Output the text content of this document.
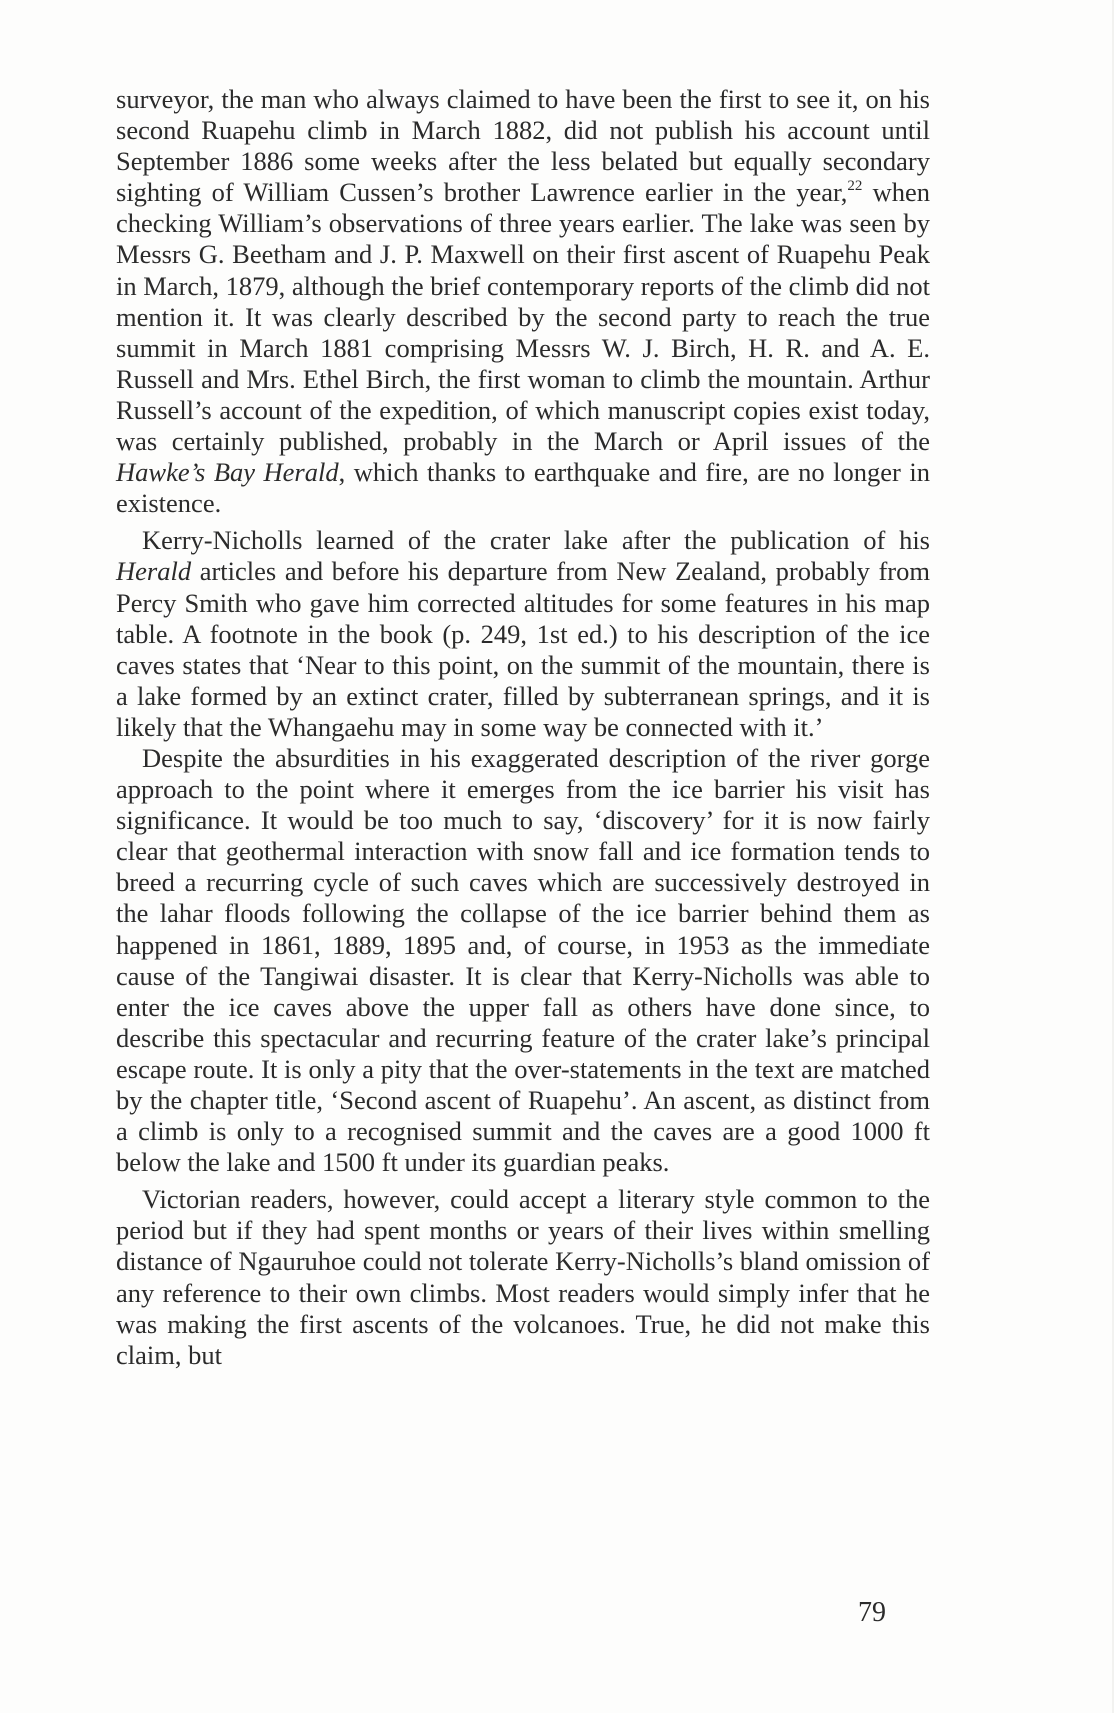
surveyor, the man who always claimed to have been the first to see it, on his second Ruapehu climb in March 1882, did not publish his account until September 1886 some weeks after the less belated but equally secondary sighting of William Cussen’s brother Lawrence earlier in the year,$^{22}$ when checking William’s observations of three years earlier. The lake was seen by Messrs G. Beetham and J. P. Maxwell on their first ascent of Ruapehu Peak in March, 1879, although the brief contemporary reports of the climb did not mention it. It was clearly described by the second party to reach the true summit in March 1881 comprising Messrs W. J. Birch, H. R. and A. E. Russell and Mrs. Ethel Birch, the first woman to climb the mountain. Arthur Russell’s account of the expedition, of which manuscript copies exist today, was certainly published, probably in the March or April issues of the Hawke’s Bay Herald, which thanks to earthquake and fire, are no longer in existence.

Kerry-Nicholls learned of the crater lake after the publication of his Herald articles and before his departure from New Zealand, probably from Percy Smith who gave him corrected altitudes for some features in his map table. A footnote in the book (p. 249, 1st ed.) to his description of the ice caves states that ‘Near to this point, on the summit of the mountain, there is a lake formed by an extinct crater, filled by subterranean springs, and it is likely that the Whangaehu may in some way be connected with it.’

Despite the absurdities in his exaggerated description of the river gorge approach to the point where it emerges from the ice barrier his visit has significance. It would be too much to say, ‘discovery’ for it is now fairly clear that geothermal interaction with snow fall and ice formation tends to breed a recurring cycle of such caves which are successively destroyed in the lahar floods following the collapse of the ice barrier behind them as happened in 1861, 1889, 1895 and, of course, in 1953 as the immediate cause of the Tangiwai disaster. It is clear that Kerry-Nicholls was able to enter the ice caves above the upper fall as others have done since, to describe this spectacular and recurring feature of the crater lake’s principal escape route. It is only a pity that the over-statements in the text are matched by the chapter title, ‘Second ascent of Ruapehu’. An ascent, as distinct from a climb is only to a recognised summit and the caves are a good 1000 ft below the lake and 1500 ft under its guardian peaks.

Victorian readers, however, could accept a literary style common to the period but if they had spent months or years of their lives within smelling distance of Ngauruhoe could not tolerate Kerry-Nicholls’s bland omission of any reference to their own climbs. Most readers would simply infer that he was making the first ascents of the volcanoes. True, he did not make this claim, but

79
